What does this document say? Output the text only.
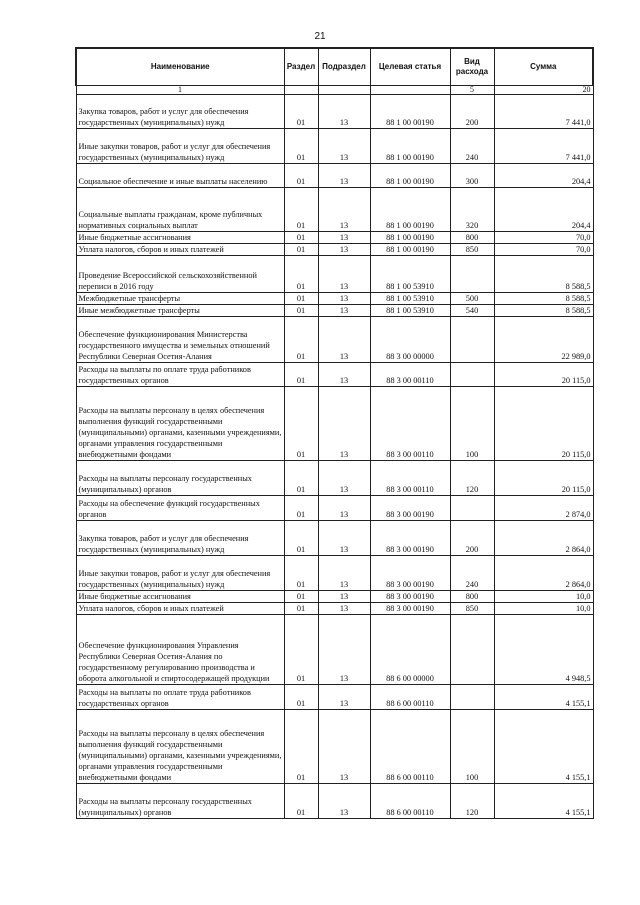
21
Наименование	Раздел	Подраздел	Целевая статья	Вид расхода	Сумма
1				5	20
Закупка товаров, работ и услуг для обеспечения государственных (муниципальных) нужд	01	13	88 1 00 00190	200	7 441,0
Иные закупки товаров, работ и услуг для обеспечения государственных (муниципальных) нужд	01	13	88 1 00 00190	240	7 441,0
Социальное обеспечение и иные выплаты населению	01	13	88 1 00 00190	300	204,4
Социальные выплаты гражданам, кроме публичных нормативных социальных выплат	01	13	88 1 00 00190	320	204,4
Иные бюджетные ассигнования	01	13	88 1 00 00190	800	70,0
Уплата налогов, сборов и иных платежей	01	13	88 1 00 00190	850	70,0
Проведение Всероссийской сельскохозяйственной переписи в 2016 году	01	13	88 1 00 53910		8 588,5
Межбюджетные трансферты	01	13	88 1 00 53910	500	8 588,5
Иные межбюджетные трансферты	01	13	88 1 00 53910	540	8 588,5
Обеспечение функционирования Министерства государственного имущества и земельных отношений Республики Северная Осетия-Алания	01	13	88 3 00 00000		22 989,0
Расходы на выплаты по оплате труда работников государственных органов	01	13	88 3 00 00110		20 115,0
Расходы на выплаты персоналу в целях обеспечения выполнения функций государственными (муниципальными) органами, казенными учреждениями, органами управления государственными внебюджетными фондами	01	13	88 3 00 00110	100	20 115,0
Расходы на выплаты персоналу государственных (муниципальных) органов	01	13	88 3 00 00110	120	20 115,0
Расходы на обеспечение функций государственных органов	01	13	88 3 00 00190		2 874,0
Закупка товаров, работ и услуг для обеспечения государственных (муниципальных) нужд	01	13	88 3 00 00190	200	2 864,0
Иные закупки товаров, работ и услуг для обеспечения государственных (муниципальных) нужд	01	13	88 3 00 00190	240	2 864,0
Иные бюджетные ассигнования	01	13	88 3 00 00190	800	10,0
Уплата налогов, сборов и иных платежей	01	13	88 3 00 00190	850	10,0
Обеспечение функционирования Управления Республики Северная Осетия-Алания по государственному регулированию производства и оборота алкогольной и спиртосодержащей продукции	01	13	88 6 00 00000		4 948,5
Расходы на выплаты по оплате труда работников государственных органов	01	13	88 6 00 00110		4 155,1
Расходы на выплаты персоналу в целях обеспечения выполнения функций государственными (муниципальными) органами, казенными учреждениями, органами управления государственными внебюджетными фондами	01	13	88 6 00 00110	100	4 155,1
Расходы на выплаты персоналу государственных (муниципальных) органов	01	13	88 6 00 00110	120	4 155,1
